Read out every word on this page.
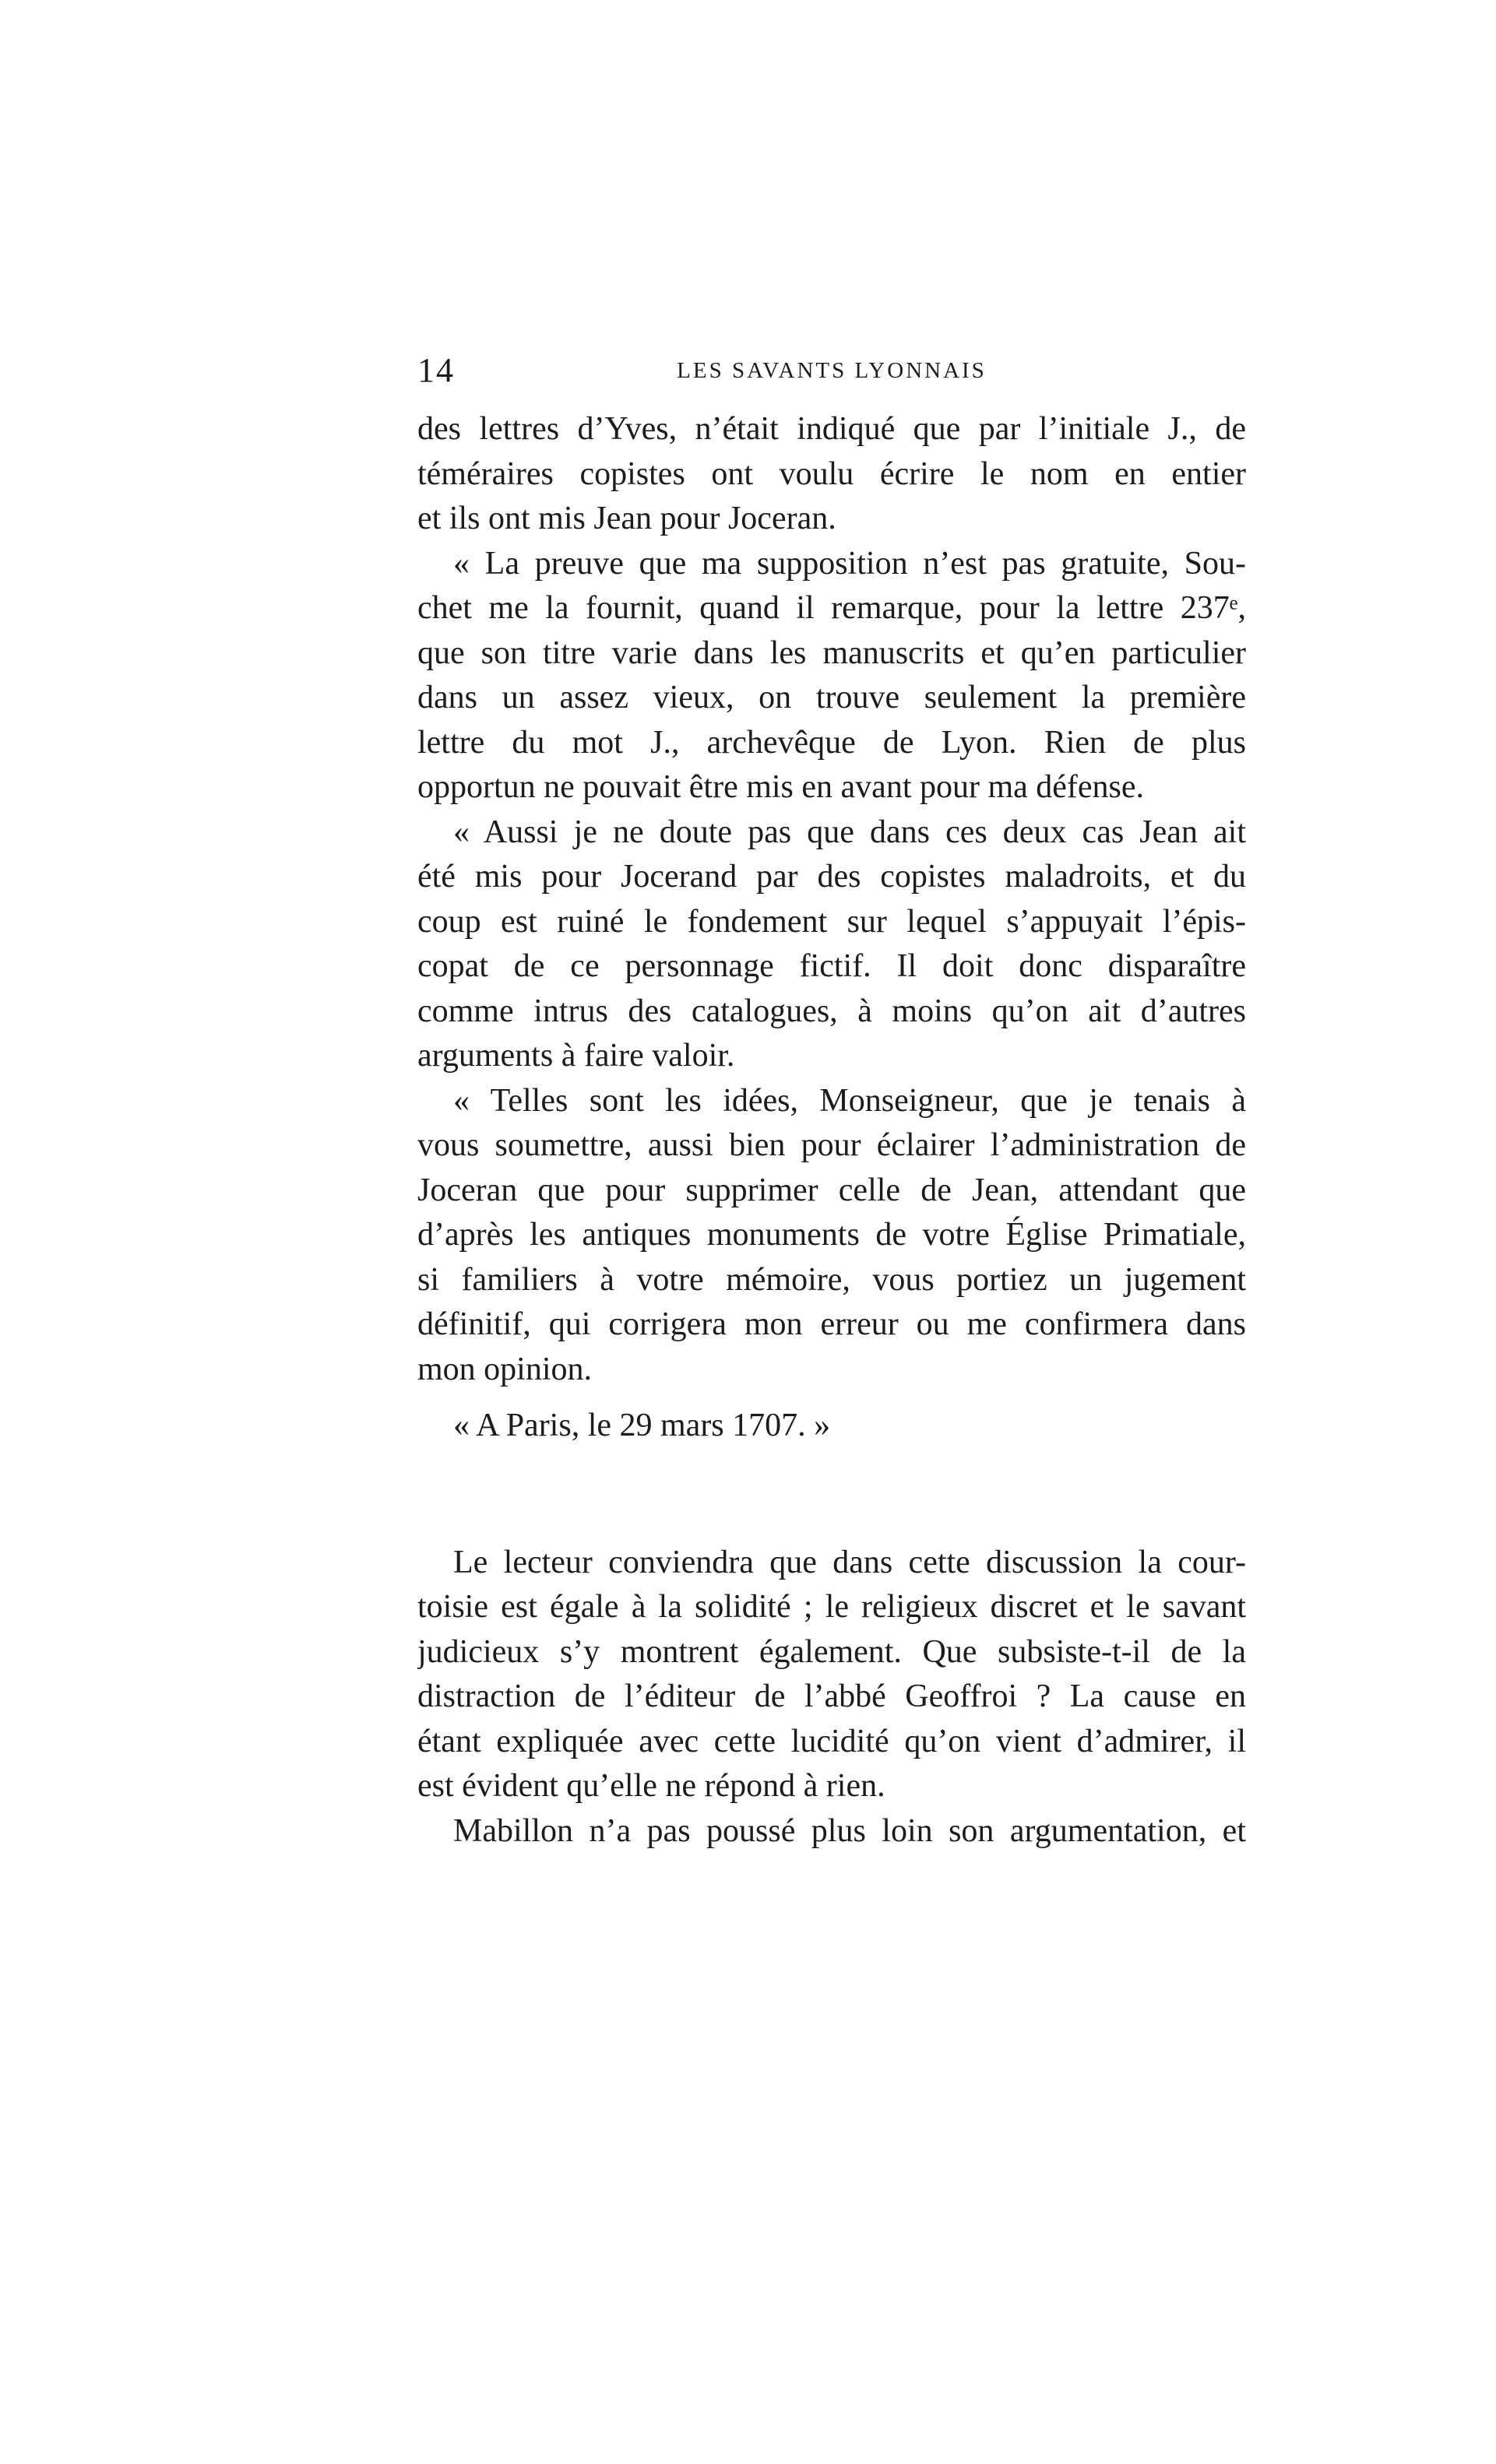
14	LES SAVANTS LYONNAIS
des lettres d’Yves, n’était indiqué que par l’initiale J., de
téméraires copistes ont voulu écrire le nom en entier
et ils ont mis Jean pour Joceran.
« La preuve que ma supposition n’est pas gratuite, Sou-
chet me la fournit, quand il remarque, pour la lettre 237ᵉ,
que son titre varie dans les manuscrits et qu’en particulier
dans un assez vieux, on trouve seulement la première
lettre du mot J., archevêque de Lyon. Rien de plus
opportun ne pouvait être mis en avant pour ma défense.
« Aussi je ne doute pas que dans ces deux cas Jean ait
été mis pour Jocerand par des copistes maladroits, et du
coup est ruiné le fondement sur lequel s’appuyait l’épis-
copat de ce personnage fictif. Il doit donc disparaître
comme intrus des catalogues, à moins qu’on ait d’autres
arguments à faire valoir.
« Telles sont les idées, Monseigneur, que je tenais à
vous soumettre, aussi bien pour éclairer l’administration de
Joceran que pour supprimer celle de Jean, attendant que
d’après les antiques monuments de votre Église Primatiale,
si familiers à votre mémoire, vous portiez un jugement
définitif, qui corrigera mon erreur ou me confirmera dans
mon opinion.
« A Paris, le 29 mars 1707. »
Le lecteur conviendra que dans cette discussion la cour-
toisie est égale à la solidité ; le religieux discret et le savant
judicieux s’y montrent également. Que subsiste-t-il de la
distraction de l’éditeur de l’abbé Geoffroi ? La cause en
étant expliquée avec cette lucidité qu’on vient d’admirer, il
est évident qu’elle ne répond à rien.
Mabillon n’a pas poussé plus loin son argumentation, et
